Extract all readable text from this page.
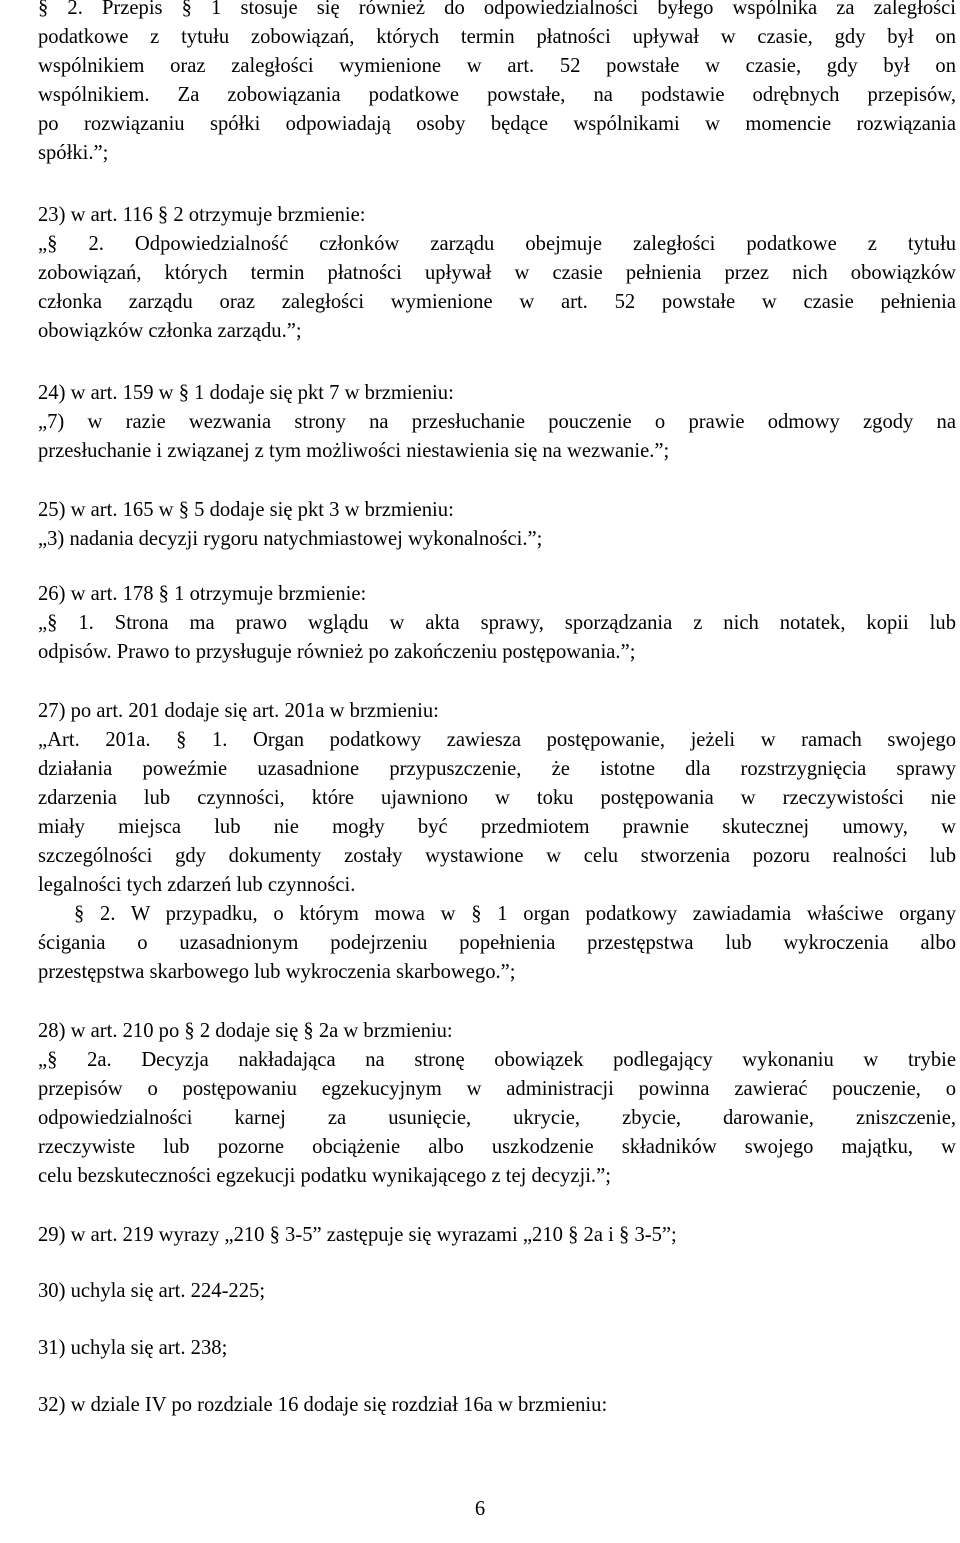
§ 2. Przepis § 1 stosuje się również do odpowiedzialności byłego wspólnika za zaległości
podatkowe z tytułu zobowiązań, których termin płatności upływał w czasie, gdy był on
wspólnikiem oraz zaległości wymienione w art. 52 powstałe w czasie, gdy był on
wspólnikiem. Za zobowiązania podatkowe powstałe, na podstawie odrębnych przepisów,
po rozwiązaniu spółki odpowiadają osoby będące wspólnikami w momencie rozwiązania
spółki.”;
23) w art. 116 § 2 otrzymuje brzmienie:
„§ 2. Odpowiedzialność członków zarządu obejmuje zaległości podatkowe z tytułu
zobowiązań, których termin płatności upływał w czasie pełnienia przez nich obowiązków
członka zarządu oraz zaległości wymienione w art. 52 powstałe w czasie pełnienia
obowiązków członka zarządu.”;
24) w art. 159 w § 1 dodaje się pkt 7 w brzmieniu:
„7) w razie wezwania strony na przesłuchanie pouczenie o prawie odmowy zgody na
przesłuchanie i związanej z tym możliwości niestawienia się na wezwanie.”;
25) w art. 165 w § 5 dodaje się pkt 3 w brzmieniu:
„3) nadania decyzji rygoru natychmiastowej wykonalności.”;
26) w art. 178 § 1 otrzymuje brzmienie:
„§ 1. Strona ma prawo wglądu w akta sprawy, sporządzania z nich notatek, kopii lub
odpisów. Prawo to przysługuje również po zakończeniu postępowania.”;
27) po art. 201 dodaje się art. 201a w brzmieniu:
„Art. 201a. § 1. Organ podatkowy zawiesza postępowanie, jeżeli w ramach swojego
działania poweźmie uzasadnione przypuszczenie, że istotne dla rozstrzygnięcia sprawy
zdarzenia lub czynności, które ujawniono w toku postępowania w rzeczywistości nie
miały miejsca lub nie mogły być przedmiotem prawnie skutecznej umowy, w
szczególności gdy dokumenty zostały wystawione w celu stworzenia pozoru realności lub
legalności tych zdarzeń lub czynności.
§ 2. W przypadku, o którym mowa w § 1 organ podatkowy zawiadamia właściwe organy
ścigania o uzasadnionym podejrzeniu popełnienia przestępstwa lub wykroczenia albo
przestępstwa skarbowego lub wykroczenia skarbowego.”;
28) w art. 210 po § 2 dodaje się § 2a w brzmieniu:
„§ 2a. Decyzja nakładająca na stronę obowiązek podlegający wykonaniu w trybie
przepisów o postępowaniu egzekucyjnym w administracji powinna zawierać pouczenie, o
odpowiedzialności karnej za usunięcie, ukrycie, zbycie, darowanie, zniszczenie,
rzeczywiste lub pozorne obciążenie albo uszkodzenie składników swojego majątku, w
celu bezskuteczności egzekucji podatku wynikającego z tej decyzji.”;
29) w art. 219 wyrazy „210 § 3-5” zastępuje się wyrazami „210 § 2a i § 3-5”;
30) uchyla się art. 224-225;
31) uchyla się art. 238;
32) w dziale IV po rozdziale 16 dodaje się rozdział 16a w brzmieniu:
6
